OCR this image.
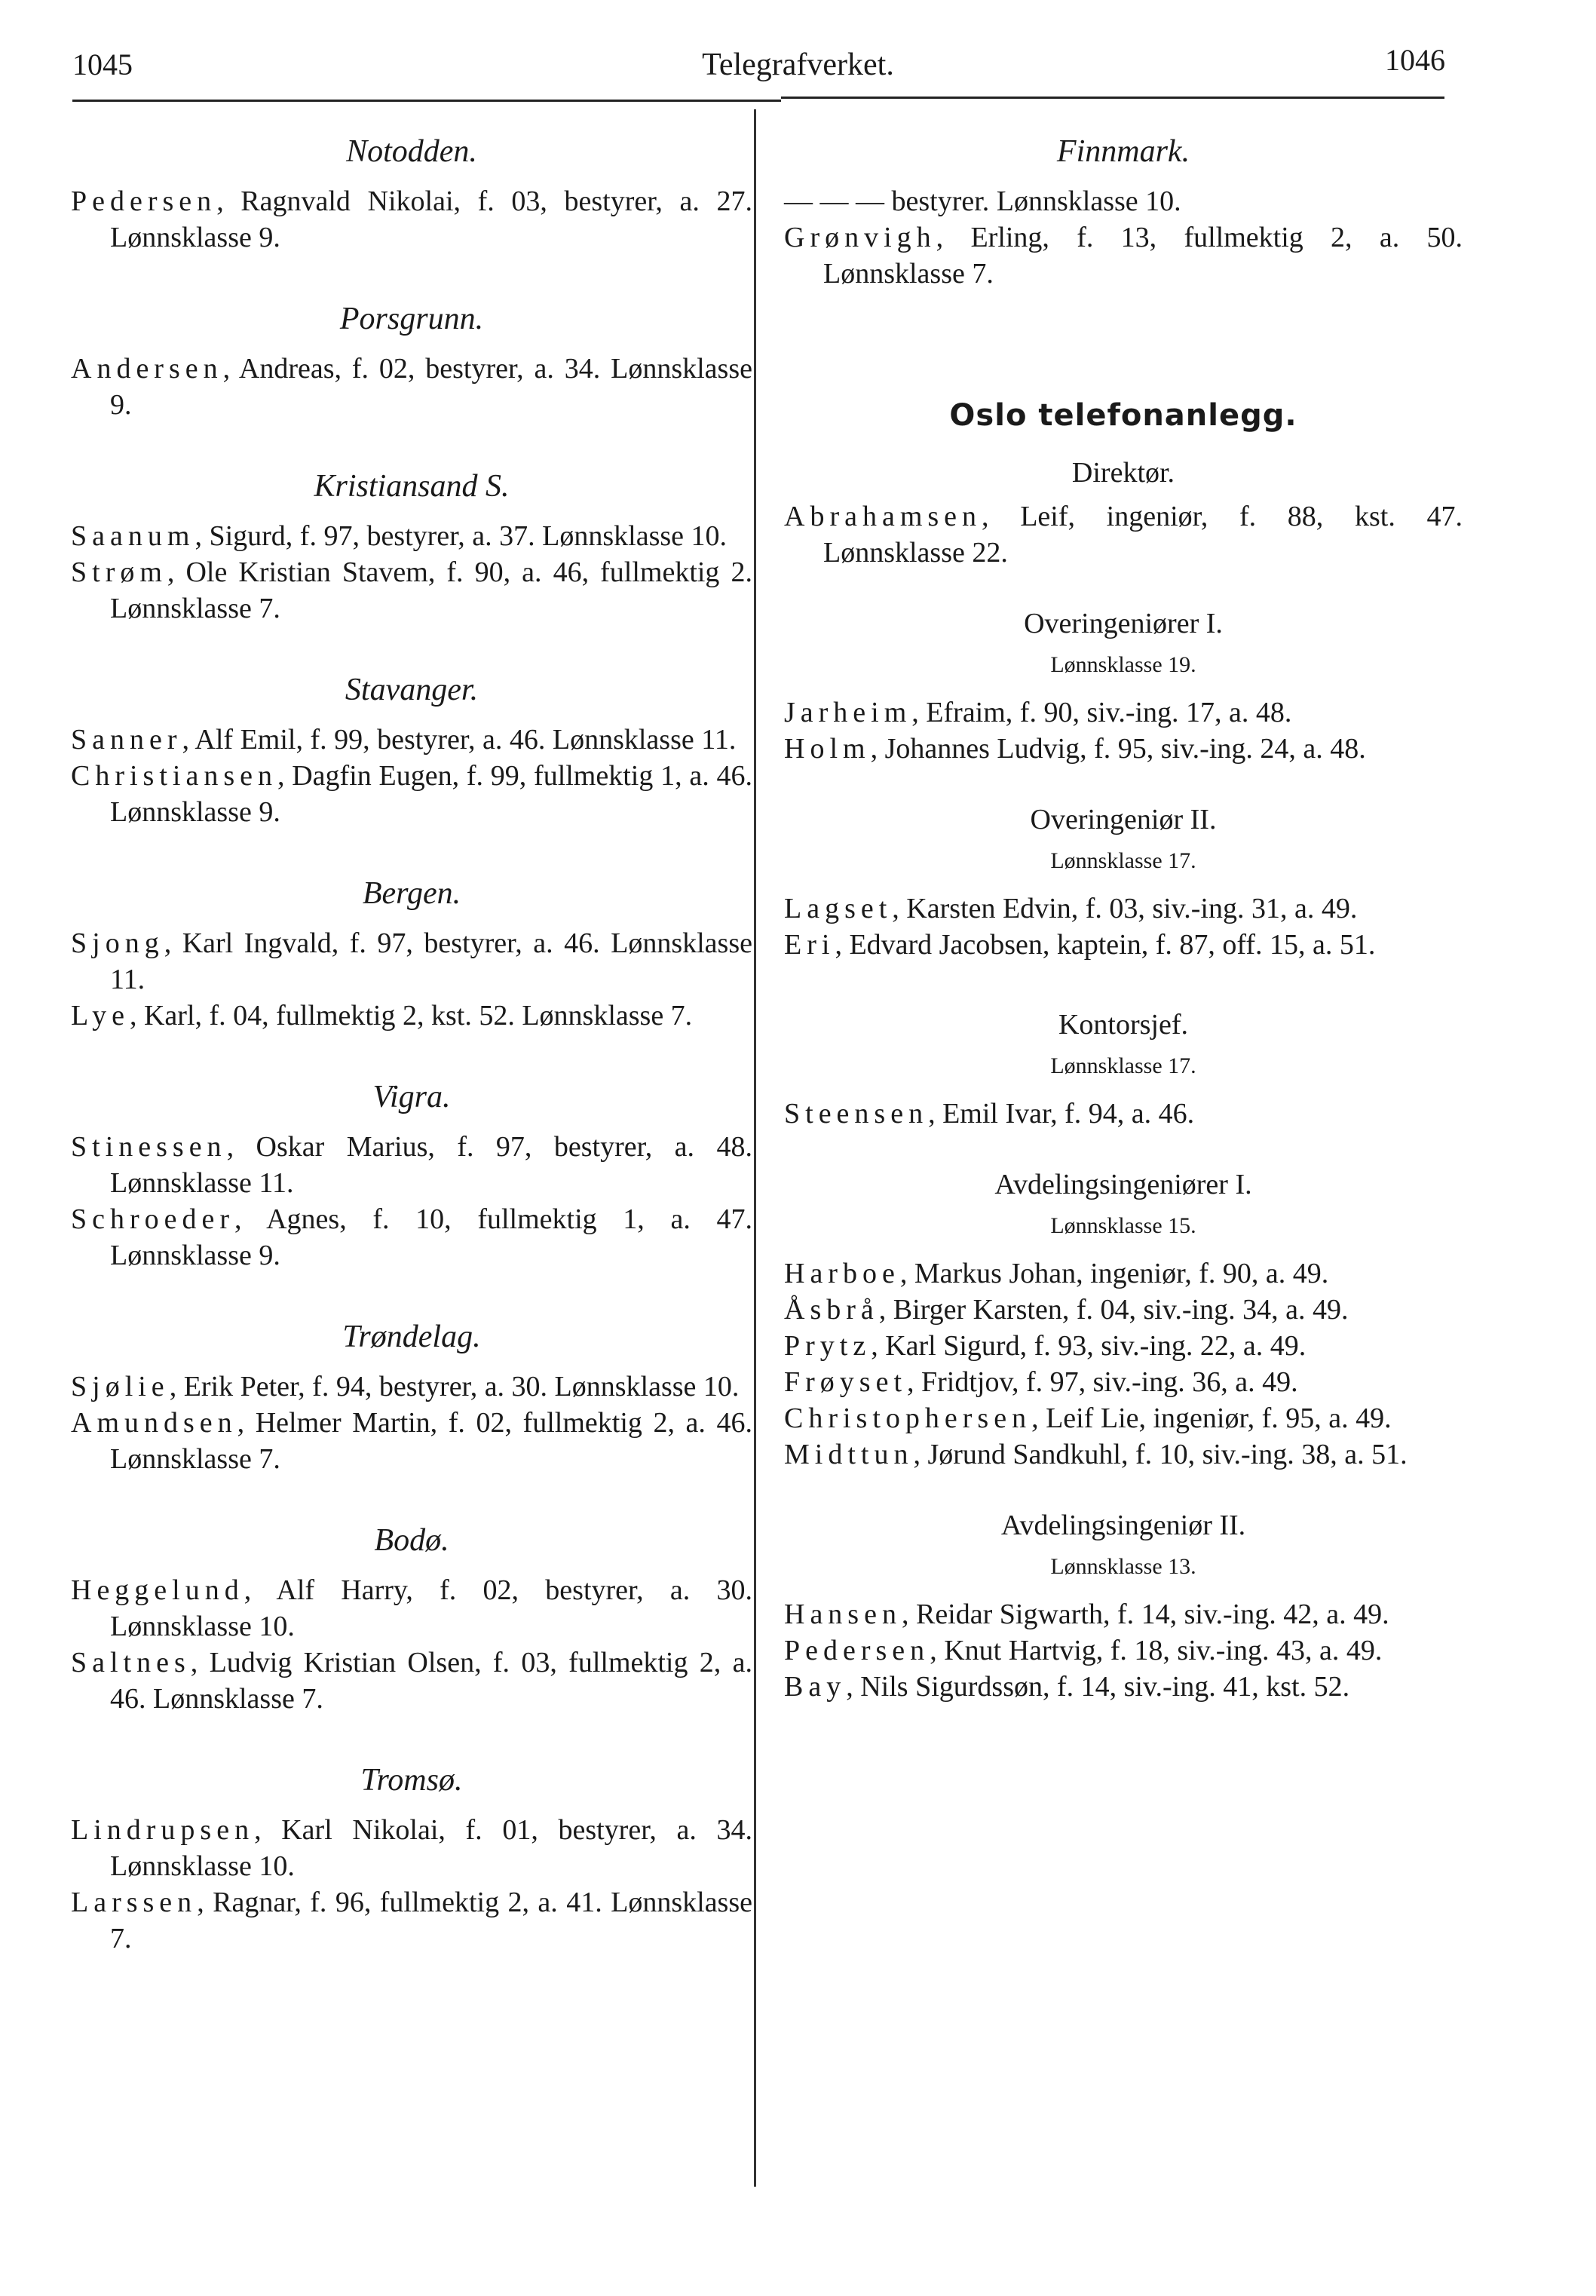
1045	Telegrafverket.	1046
Notodden.

Pedersen, Ragnvald Nikolai, f. 03, bestyrer, a. 27. Lønnsklasse 9.

Porsgrunn.

Andersen, Andreas, f. 02, bestyrer, a. 34. Lønnsklasse 9.

Kristiansand S.

Saanum, Sigurd, f. 97, bestyrer, a. 37. Lønnsklasse 10.

Strøm, Ole Kristian Stavem, f. 90, a. 46, fullmektig 2. Lønnsklasse 7.

Stavanger.

Sanner, Alf Emil, f. 99, bestyrer, a. 46. Lønnsklasse 11.

Christiansen, Dagfin Eugen, f. 99, fullmektig 1, a. 46. Lønnsklasse 9.

Bergen.

Sjong, Karl Ingvald, f. 97, bestyrer, a. 46. Lønnsklasse 11.

Lye, Karl, f. 04, fullmektig 2, kst. 52. Lønnsklasse 7.

Vigra.

Stinessen, Oskar Marius, f. 97, bestyrer, a. 48. Lønnsklasse 11.

Schroeder, Agnes, f. 10, fullmektig 1, a. 47. Lønnsklasse 9.

Trøndelag.

Sjølie, Erik Peter, f. 94, bestyrer, a. 30. Lønnsklasse 10.

Amundsen, Helmer Martin, f. 02, fullmektig 2, a. 46. Lønnsklasse 7.

Bodø.

Heggelund, Alf Harry, f. 02, bestyrer, a. 30. Lønnsklasse 10.

Saltnes, Ludvig Kristian Olsen, f. 03, fullmektig 2, a. 46. Lønnsklasse 7.

Tromsø.

Lindrupsen, Karl Nikolai, f. 01, bestyrer, a. 34. Lønnsklasse 10.

Larssen, Ragnar, f. 96, fullmektig 2, a. 41. Lønnsklasse 7.

Finnmark.

— — — bestyrer. Lønnsklasse 10.

Grønvigh, Erling, f. 13, fullmektig 2, a. 50. Lønnsklasse 7.

Oslo telefonanlegg.
Direktør.

Abrahamsen, Leif, ingeniør, f. 88, kst. 47. Lønnsklasse 22.

Overingeniører I.
Lønnsklasse 19.

Jarheim, Efraim, f. 90, siv.-ing. 17, a. 48.

Holm, Johannes Ludvig, f. 95, siv.-ing. 24, a. 48.

Overingeniør II.
Lønnsklasse 17.

Lagset, Karsten Edvin, f. 03, siv.-ing. 31, a. 49.

Eri, Edvard Jacobsen, kaptein, f. 87, off. 15, a. 51.

Kontorsjef.
Lønnsklasse 17.

Steensen, Emil Ivar, f. 94, a. 46.

Avdelingsingeniører I.
Lønnsklasse 15.

Harboe, Markus Johan, ingeniør, f. 90, a. 49.

Åsbrå, Birger Karsten, f. 04, siv.-ing. 34, a. 49.

Prytz, Karl Sigurd, f. 93, siv.-ing. 22, a. 49.

Frøyset, Fridtjov, f. 97, siv.-ing. 36, a. 49.

Christophersen, Leif Lie, ingeniør, f. 95, a. 49.

Midttun, Jørund Sandkuhl, f. 10, siv.-ing. 38, a. 51.

Avdelingsingeniør II.
Lønnsklasse 13.

Hansen, Reidar Sigwarth, f. 14, siv.-ing. 42, a. 49.

Pedersen, Knut Hartvig, f. 18, siv.-ing. 43, a. 49.

Bay, Nils Sigurdssøn, f. 14, siv.-ing. 41, kst. 52.
